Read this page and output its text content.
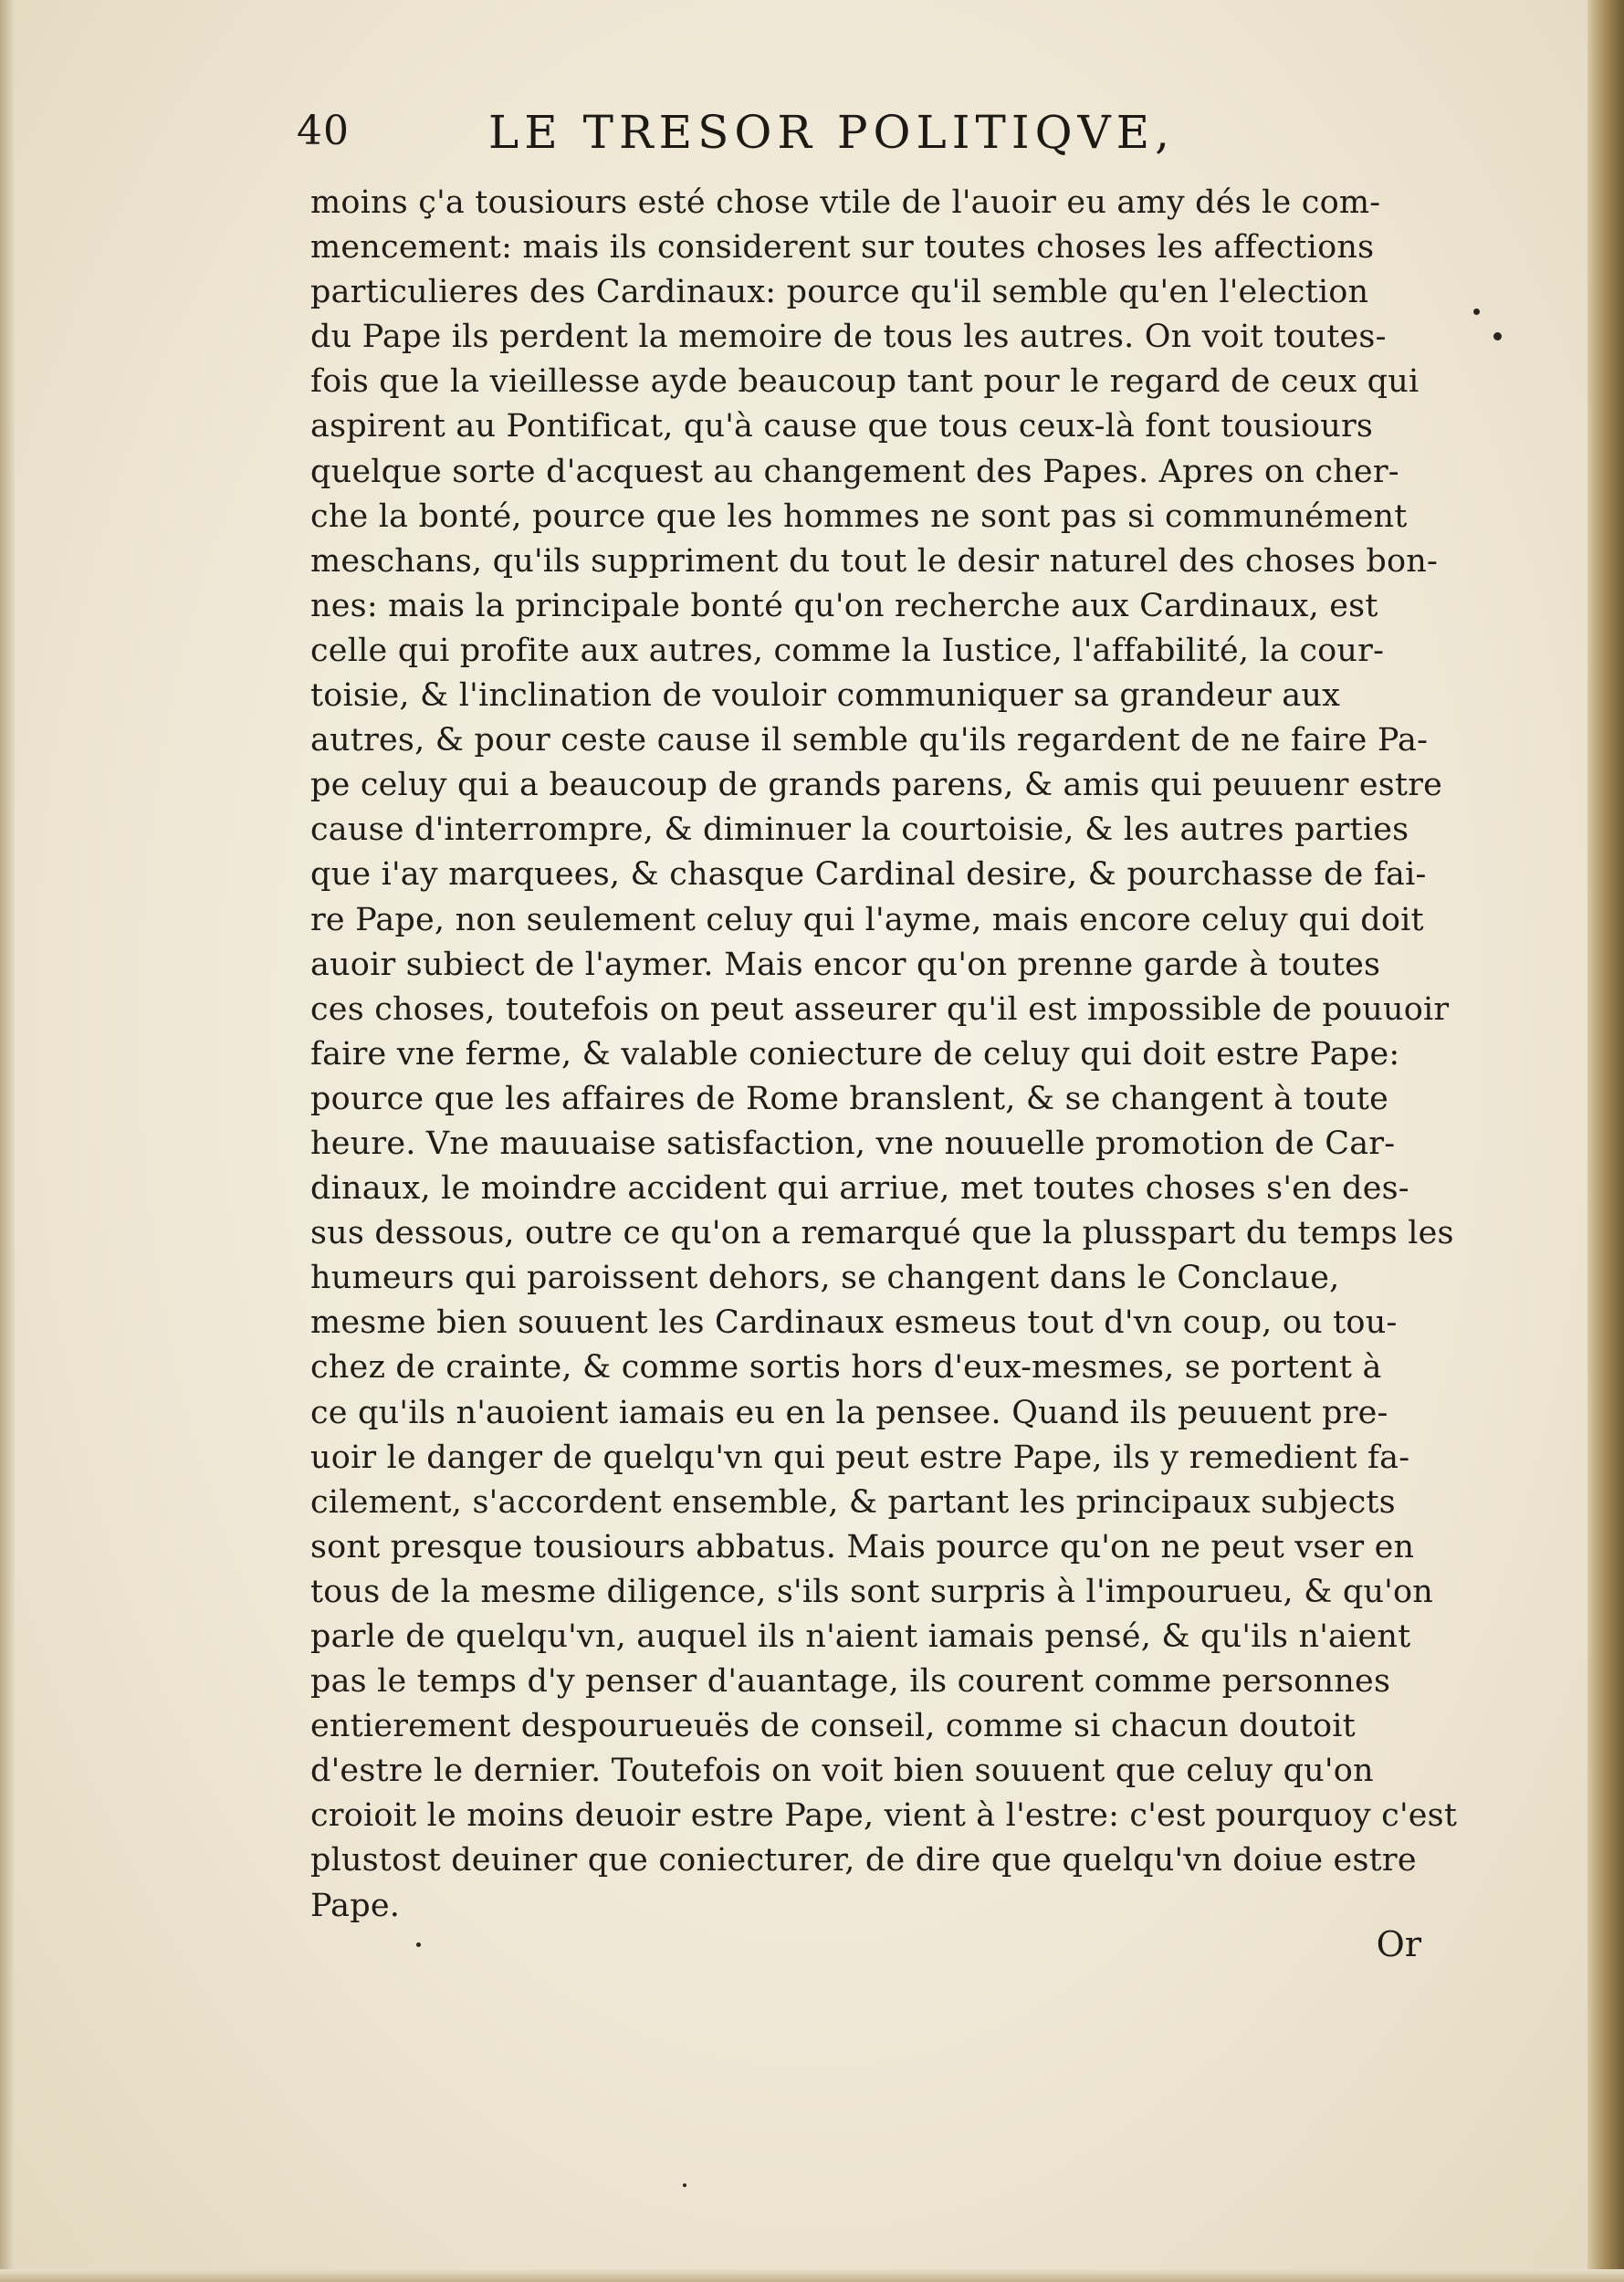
40	LE TRESOR POLITIQVE,
moins ç'a tousiours esté chose vtile de l'auoir eu amy dés le com-
mencement: mais ils considerent sur toutes choses les affections
particulieres des Cardinaux: pource qu'il semble qu'en l'election
du Pape ils perdent la memoire de tous les autres. On voit toutes-
fois que la vieillesse ayde beaucoup tant pour le regard de ceux qui
aspirent au Pontificat, qu'à cause que tous ceux-là font tousiours
quelque sorte d'acquest au changement des Papes. Apres on cher-
che la bonté, pource que les hommes ne sont pas si communément
meschans, qu'ils suppriment du tout le desir naturel des choses bon-
nes: mais la principale bonté qu'on recherche aux Cardinaux, est
celle qui profite aux autres, comme la Iustice, l'affabilité, la cour-
toisie, & l'inclination de vouloir communiquer sa grandeur aux
autres, & pour ceste cause il semble qu'ils regardent de ne faire Pa-
pe celuy qui a beaucoup de grands parens, & amis qui peuuenr estre
cause d'interrompre, & diminuer la courtoisie, & les autres parties
que i'ay marquees, & chasque Cardinal desire, & pourchasse de fai-
re Pape, non seulement celuy qui l'ayme, mais encore celuy qui doit
auoir subiect de l'aymer. Mais encor qu'on prenne garde à toutes
ces choses, toutefois on peut asseurer qu'il est impossible de pouuoir
faire vne ferme, & valable coniecture de celuy qui doit estre Pape:
pource que les affaires de Rome branslent, & se changent à toute
heure. Vne mauuaise satisfaction, vne nouuelle promotion de Car-
dinaux, le moindre accident qui arriue, met toutes choses s'en des-
sus dessous, outre ce qu'on a remarqué que la plusspart du temps les
humeurs qui paroissent dehors, se changent dans le Conclaue,
mesme bien souuent les Cardinaux esmeus tout d'vn coup, ou tou-
chez de crainte, & comme sortis hors d'eux-mesmes, se portent à
ce qu'ils n'auoient iamais eu en la pensee. Quand ils peuuent pre-
uoir le danger de quelqu'vn qui peut estre Pape, ils y remedient fa-
cilement, s'accordent ensemble, & partant les principaux subjects
sont presque tousiours abbatus. Mais pource qu'on ne peut vser en
tous de la mesme diligence, s'ils sont surpris à l'impourueu, & qu'on
parle de quelqu'vn, auquel ils n'aient iamais pensé, & qu'ils n'aient
pas le temps d'y penser d'auantage, ils courent comme personnes
entierement despourueuës de conseil, comme si chacun doutoit
d'estre le dernier. Toutefois on voit bien souuent que celuy qu'on
croioit le moins deuoir estre Pape, vient à l'estre: c'est pourquoy c'est
plustost deuiner que coniecturer, de dire que quelqu'vn doiue estre
Pape.
Or
